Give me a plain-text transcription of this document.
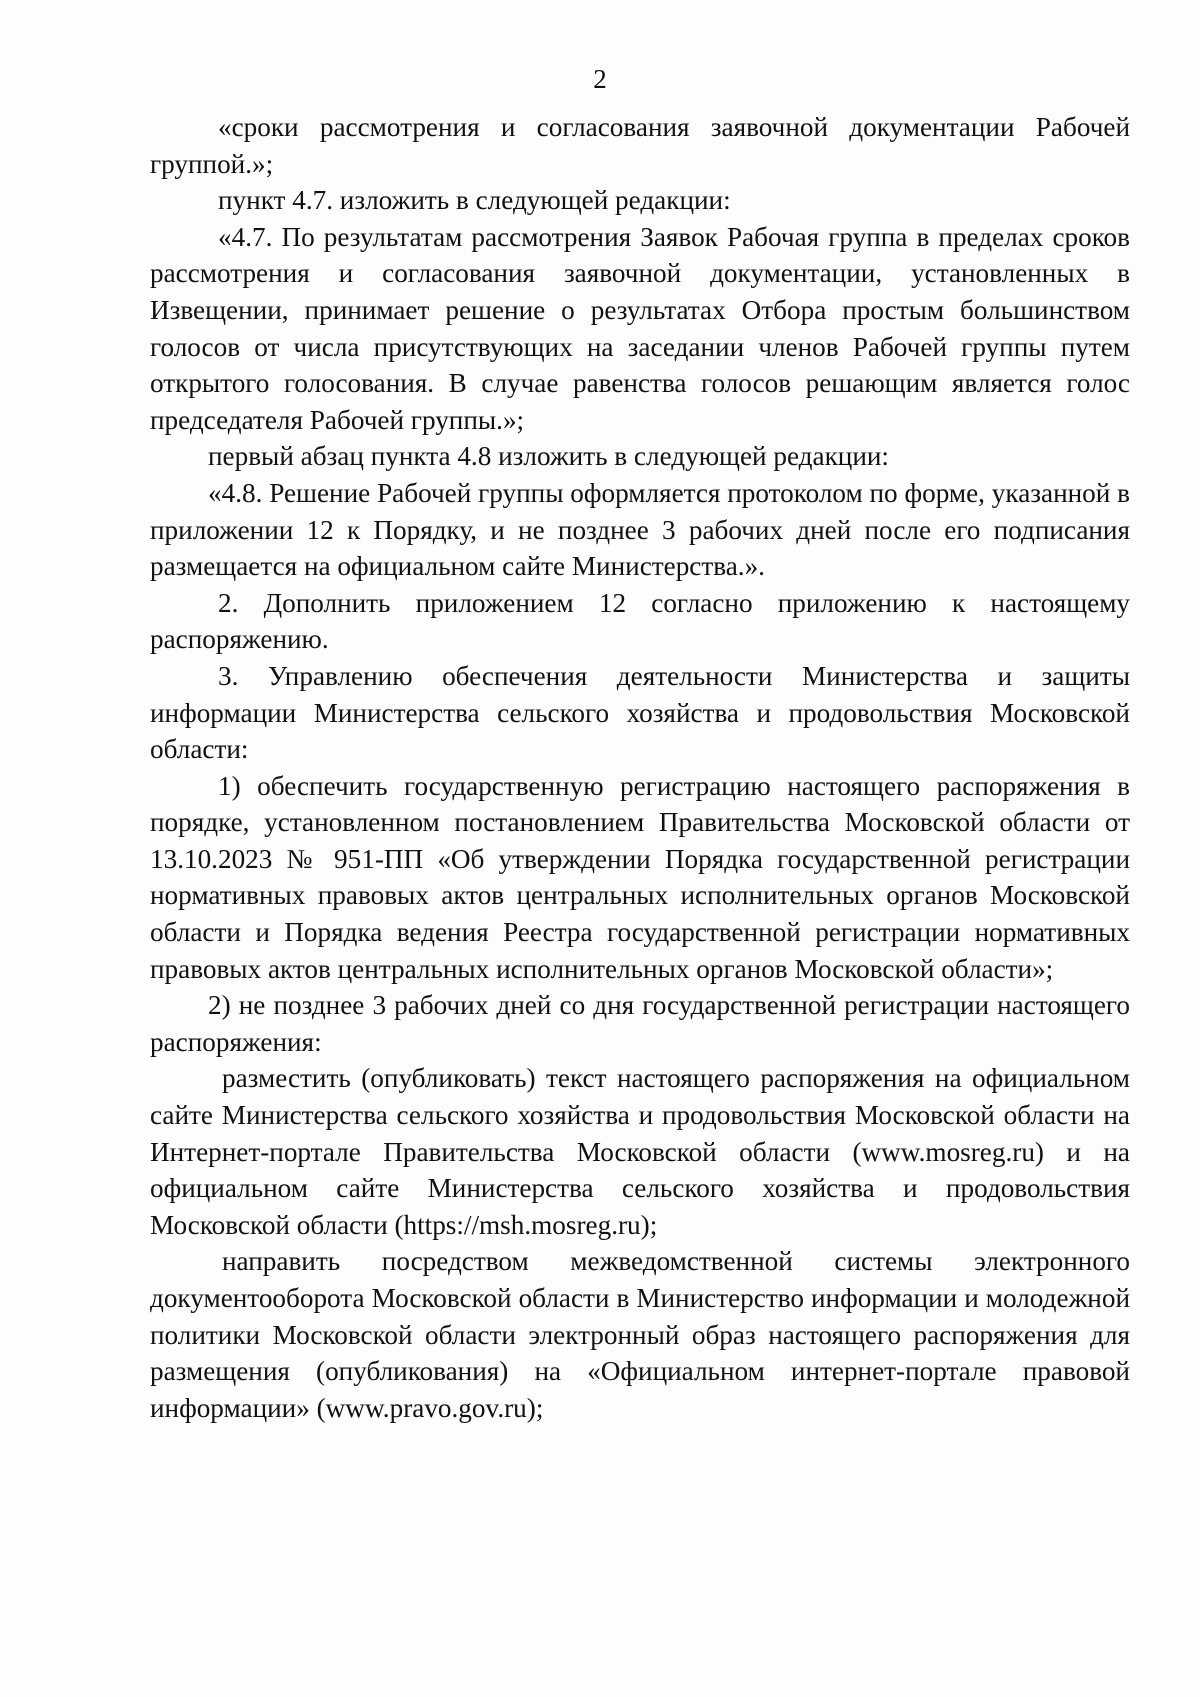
2

«сроки рассмотрения и согласования заявочной документации Рабочей группой.»;

пункт 4.7. изложить в следующей редакции:

«4.7. По результатам рассмотрения Заявок Рабочая группа в пределах сроков рассмотрения и согласования заявочной документации, установленных в Извещении, принимает решение о результатах Отбора простым большинством голосов от числа присутствующих на заседании членов Рабочей группы путем открытого голосования. В случае равенства голосов решающим является голос председателя Рабочей группы.»;

первый абзац пункта 4.8 изложить в следующей редакции:

«4.8. Решение Рабочей группы оформляется протоколом по форме, указанной в приложении 12 к Порядку, и не позднее 3 рабочих дней после его подписания размещается на официальном сайте Министерства.».

2. Дополнить приложением 12 согласно приложению к настоящему распоряжению.

3. Управлению обеспечения деятельности Министерства и защиты информации Министерства сельского хозяйства и продовольствия Московской области:

1) обеспечить государственную регистрацию настоящего распоряжения в порядке, установленном постановлением Правительства Московской области от 13.10.2023 № 951-ПП «Об утверждении Порядка государственной регистрации нормативных правовых актов центральных исполнительных органов Московской области и Порядка ведения Реестра государственной регистрации нормативных правовых актов центральных исполнительных органов Московской области»;

2) не позднее 3 рабочих дней со дня государственной регистрации настоящего распоряжения:

разместить (опубликовать) текст настоящего распоряжения на официальном сайте Министерства сельского хозяйства и продовольствия Московской области на Интернет-портале Правительства Московской области (www.mosreg.ru) и на официальном сайте Министерства сельского хозяйства и продовольствия Московской области (https://msh.mosreg.ru);

направить посредством межведомственной системы электронного документооборота Московской области в Министерство информации и молодежной политики Московской области электронный образ настоящего распоряжения для размещения (опубликования) на «Официальном интернет-портале правовой информации» (www.pravo.gov.ru);
